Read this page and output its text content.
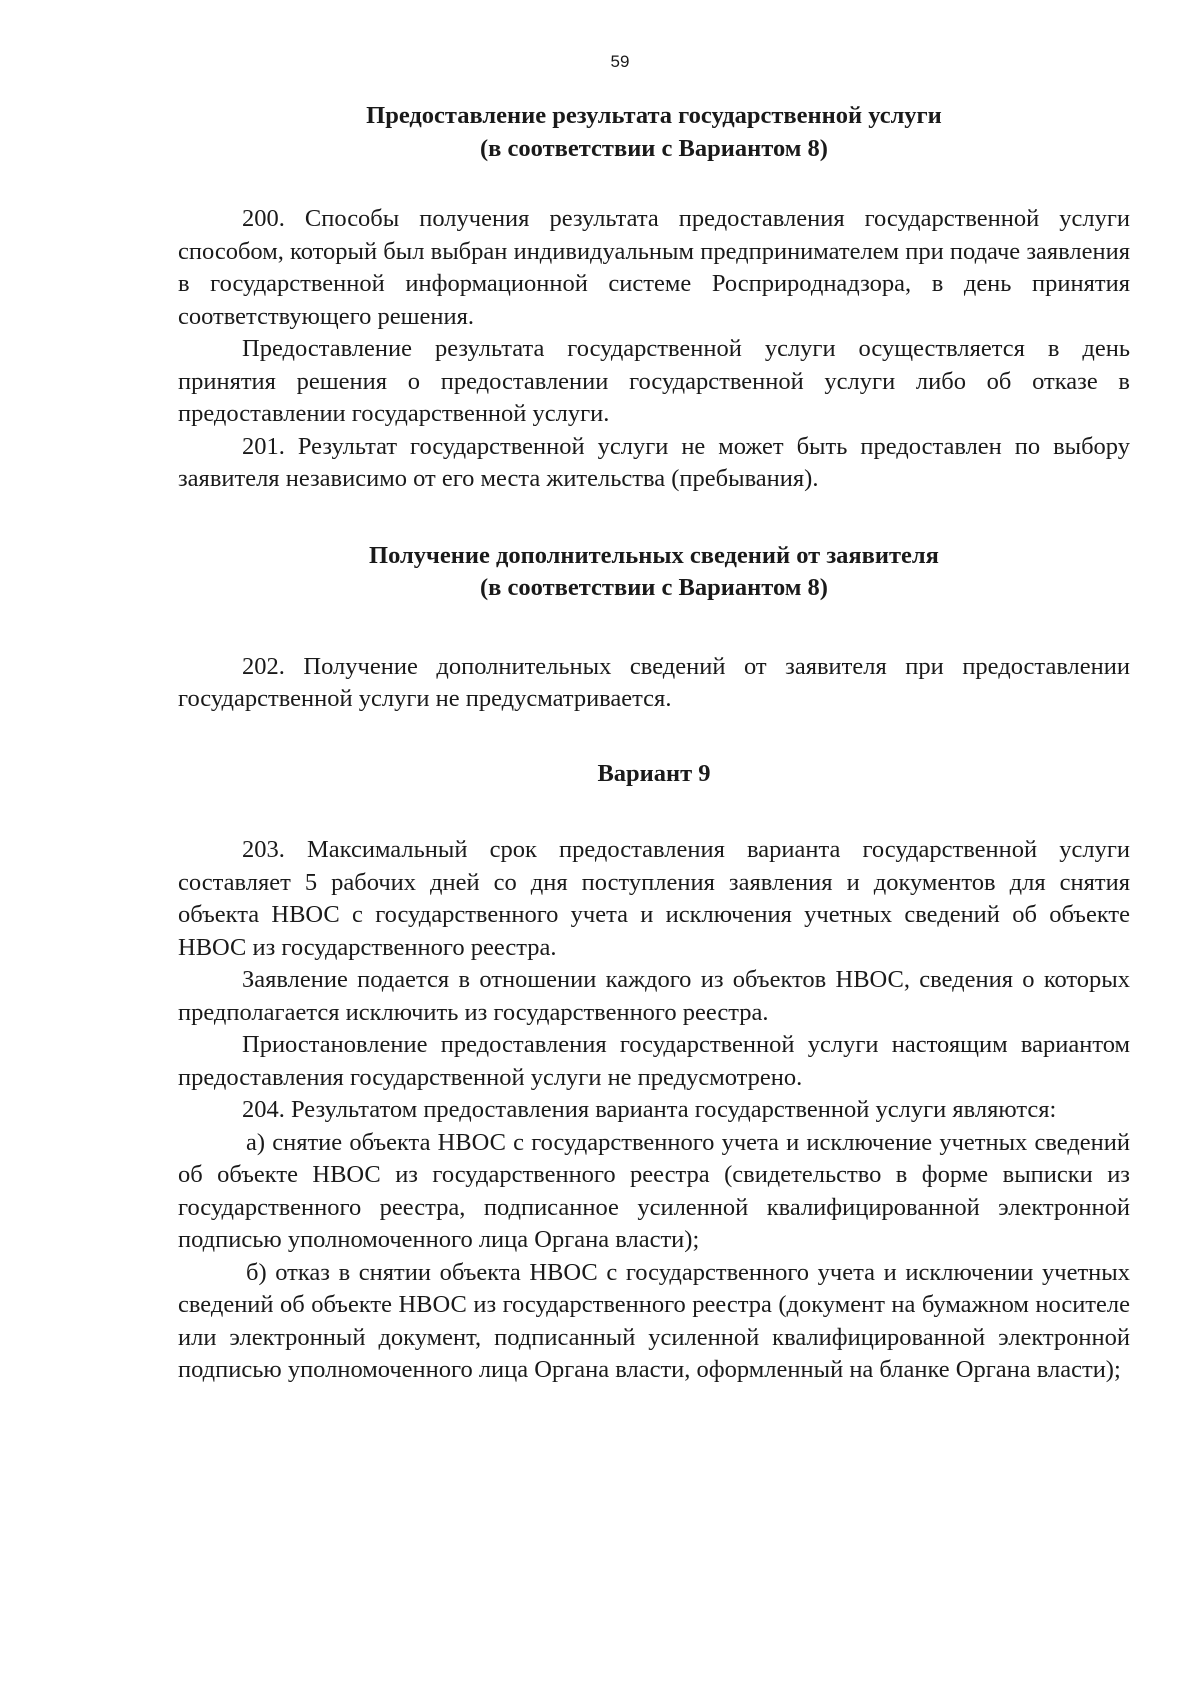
59
Предоставление результата государственной услуги
(в соответствии с Вариантом 8)

200. Способы получения результата предоставления государственной услуги способом, который был выбран индивидуальным предпринимателем при подаче заявления в государственной информационной системе Росприроднадзора, в день принятия соответствующего решения.

Предоставление результата государственной услуги осуществляется в день принятия решения о предоставлении государственной услуги либо об отказе в предоставлении государственной услуги.

201. Результат государственной услуги не может быть предоставлен по выбору заявителя независимо от его места жительства (пребывания).

Получение дополнительных сведений от заявителя
(в соответствии с Вариантом 8)

202. Получение дополнительных сведений от заявителя при предоставлении государственной услуги не предусматривается.

Вариант 9

203. Максимальный срок предоставления варианта государственной услуги составляет 5 рабочих дней со дня поступления заявления и документов для снятия объекта НВОС с государственного учета и исключения учетных сведений об объекте НВОС из государственного реестра.

Заявление подается в отношении каждого из объектов НВОС, сведения о которых предполагается исключить из государственного реестра.

Приостановление предоставления государственной услуги настоящим вариантом предоставления государственной услуги не предусмотрено.

204. Результатом предоставления варианта государственной услуги являются:

а) снятие объекта НВОС с государственного учета и исключение учетных сведений об объекте НВОС из государственного реестра (свидетельство в форме выписки из государственного реестра, подписанное усиленной квалифицированной электронной подписью уполномоченного лица Органа власти);

б) отказ в снятии объекта НВОС с государственного учета и исключении учетных сведений об объекте НВОС из государственного реестра (документ на бумажном носителе или электронный документ, подписанный усиленной квалифицированной электронной подписью уполномоченного лица Органа власти, оформленный на бланке Органа власти);
